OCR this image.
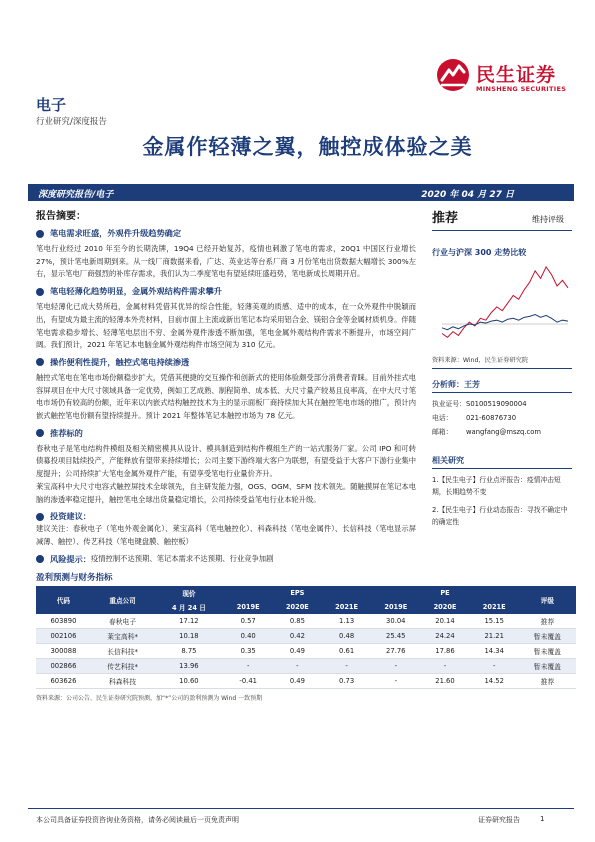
民生证券
MINSHENG SECURITIES
电子
行业研究/深度报告
金属作轻薄之翼，触控成体验之美
深度研究报告/电子	2020 年 04 月 27 日
报告摘要：
笔电需求旺盛，外观件升级趋势确定
笔电行业经过 2010 年至今的长期洗牌，19Q4 已经开始复苏，疫情也刺激了笔电的需求，20Q1 中国区行业增长 27%，预计笔电新周期到来。从一线厂商数据来看，广达、英业达等台系厂商 3 月份笔电出货数据大幅增长 300%左右，显示笔电厂商强烈的补库存需求，我们认为二季度笔电有望延续旺盛趋势，笔电新成长周期开启。
笔电轻薄化趋势明显，金属外观结构件需求攀升
笔电轻薄化已成大势所趋，金属材料凭借其优异的综合性能，轻薄美观的质感、适中的成本，在一众外观件中脱颖而出，有望成为最主流的轻薄本外壳材料，目前市面上主流或新出笔记本均采用铝合金、镁铝合金等金属材质机身。伴随笔电需求稳步增长、轻薄笔电层出不穷、金属外观件渗透不断加强，笔电金属外观结构件需求不断提升，市场空间广阔。我们预计，2021 年笔记本电脑金属外观结构件市场空间为 310 亿元。
操作便利性提升，触控式笔电持续渗透
触控式笔电在笔电市场份额稳步扩大，凭借其便捷的交互操作和创新式的使用体验颇受部分消费者青睐。目前外挂式电容屏项目在中大尺寸领域具备一定优势，例如工艺成熟、制程简单、成本低、大尺寸量产较易且良率高，在中大尺寸笔电市场仍有较高的份额，近年来以内嵌式结构触控技术为主的显示面板厂商持续加大其在触控笔电市场的推广，预计内嵌式触控笔电份额有望持续提升。预计 2021 年整体笔记本触控市场为 78 亿元。
推荐标的
春秋电子是笔电结构件模组及相关精密模具从设计、模具制造到结构件模组生产的一站式服务厂家。公司 IPO 和可转债募投项目陆续投产，产能释放有望带来持续增长；公司主要下游终端大客户为联想，有望受益于大客户下游行业集中度提升；公司持续扩大笔电金属外观件产能，有望享受笔电行业量价齐升。
莱宝高科中大尺寸电容式触控屏技术全球领先，自主研发能力强，OGS、OGM、SFM 技术领先。随触摸屏在笔记本电脑的渗透率稳定提升，触控笔电全球出货量稳定增长，公司持续受益笔电行业本轮升级。
投资建议 ：
建议关注：春秋电子（笔电外观金属化）、莱宝高科（笔电触控化）、科森科技（笔电金属件）、长信科技（笔电显示屏减薄、触控）、传艺科技（笔电键盘膜、触控板）
风险提示 ： 疫情控制不达预期、笔记本需求不达预期、行业竞争加剧
盈利预测与财务指标
代码	重点公司	现价	EPS			PE			评级
		4 月 24 日	2019E	2020E	2021E	2019E	2020E	2021E	
603890	春秋电子	17.12	0.57	0.85	1.13	30.04	20.14	15.15	推荐
002106	莱宝高科*	10.18	0.40	0.42	0.48	25.45	24.24	21.21	暂未覆盖
300088	长信科技*	8.75	0.35	0.49	0.61	27.76	17.86	14.34	暂未覆盖
002866	传艺科技*	13.96	-	-	-	-	-	-	暂未覆盖
603626	科森科技	10.60	-0.41	0.49	0.73	-	21.60	14.52	推荐
资料来源：公司公告、民生证券研究院预测，加“*”公司的盈利预测为 Wind 一致预期
推荐	维持评级
行业与沪深 300 走势比较
资料来源：Wind，民生证券研究院
分析师：王芳
执业证号： S0100519090004
电话：	021-60876730
邮箱：	wangfang@mszq.com
相关研究
1.【民生电子】行业点评报告：疫情冲击短期，长期趋势不变
2.【民生电子】行业动态报告：寻找不确定中的确定性
本公司具备证券投资咨询业务资格，请务必阅读最后一页免责声明	证券研究报告	1
